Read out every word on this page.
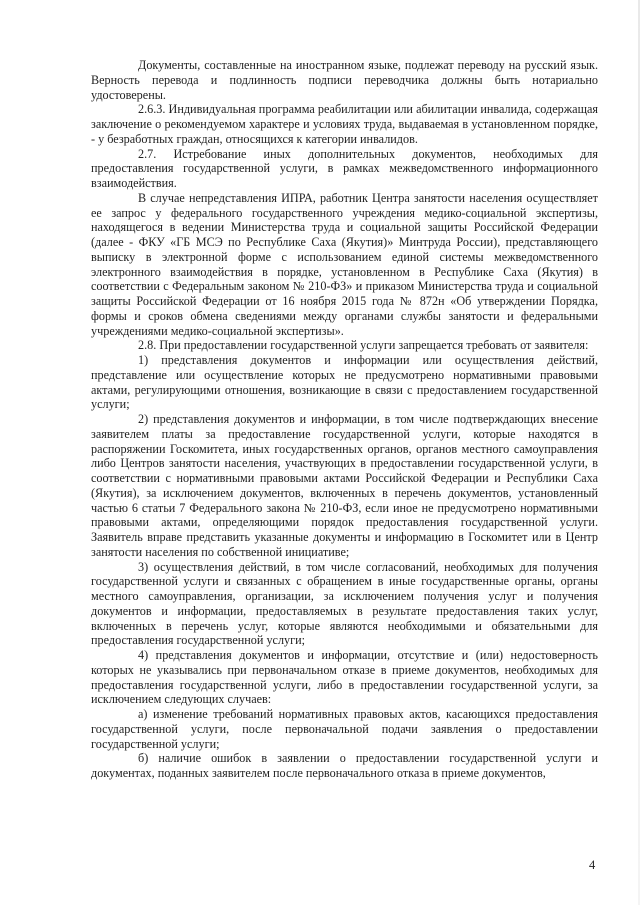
Документы, составленные на иностранном языке, подлежат переводу на русский язык. Верность перевода и подлинность подписи переводчика должны быть нотариально удостоверены.

2.6.3. Индивидуальная программа реабилитации или абилитации инвалида, содержащая заключение о рекомендуемом характере и условиях труда, выдаваемая в установленном порядке, - у безработных граждан, относящихся к категории инвалидов.

2.7. Истребование иных дополнительных документов, необходимых для предоставления государственной услуги, в рамках межведомственного информационного взаимодействия.

В случае непредставления ИПРА, работник Центра занятости населения осуществляет ее запрос у федерального государственного учреждения медико-социальной экспертизы, находящегося в ведении Министерства труда и социальной защиты Российской Федерации (далее - ФКУ «ГБ МСЭ по Республике Саха (Якутия)» Минтруда России), представляющего выписку в электронной форме с использованием единой системы межведомственного электронного взаимодействия в порядке, установленном в Республике Саха (Якутия) в соответствии с Федеральным законом № 210-ФЗ» и приказом Министерства труда и социальной защиты Российской Федерации от 16 ноября 2015 года № 872н «Об утверждении Порядка, формы и сроков обмена сведениями между органами службы занятости и федеральными учреждениями медико-социальной экспертизы».

2.8. При предоставлении государственной услуги запрещается требовать от заявителя:

1) представления документов и информации или осуществления действий, представление или осуществление которых не предусмотрено нормативными правовыми актами, регулирующими отношения, возникающие в связи с предоставлением государственной услуги;

2) представления документов и информации, в том числе подтверждающих внесение заявителем платы за предоставление государственной услуги, которые находятся в распоряжении Госкомитета, иных государственных органов, органов местного самоуправления либо Центров занятости населения, участвующих в предоставлении государственной услуги, в соответствии с нормативными правовыми актами Российской Федерации и Республики Саха (Якутия), за исключением документов, включенных в перечень документов, установленный частью 6 статьи 7 Федерального закона № 210-ФЗ, если иное не предусмотрено нормативными правовыми актами, определяющими порядок предоставления государственной услуги. Заявитель вправе представить указанные документы и информацию в Госкомитет или в Центр занятости населения по собственной инициативе;

3) осуществления действий, в том числе согласований, необходимых для получения государственной услуги и связанных с обращением в иные государственные органы, органы местного самоуправления, организации, за исключением получения услуг и получения документов и информации, предоставляемых в результате предоставления таких услуг, включенных в перечень услуг, которые являются необходимыми и обязательными для предоставления государственной услуги;

4) представления документов и информации, отсутствие и (или) недостоверность которых не указывались при первоначальном отказе в приеме документов, необходимых для предоставления государственной услуги, либо в предоставлении государственной услуги, за исключением следующих случаев:

а) изменение требований нормативных правовых актов, касающихся предоставления государственной услуги, после первоначальной подачи заявления о предоставлении государственной услуги;

б) наличие ошибок в заявлении о предоставлении государственной услуги и документах, поданных заявителем после первоначального отказа в приеме документов,

4
